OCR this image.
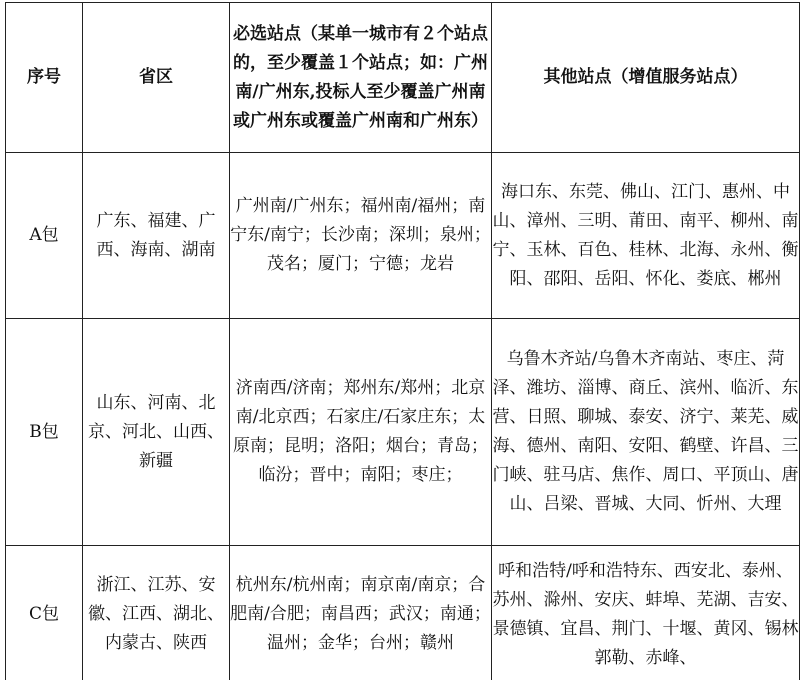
序号	省区	必选站点（某单一城市有２个站点的，至少覆盖１个站点；如：广州南/广州东,投标人至少覆盖广州南或广州东或覆盖广州南和广州东）	其他站点（增值服务站点）
A包	广东、福建、广西、海南、湖南	广州南/广州东；福州南/福州；南宁东/南宁；长沙南；深圳；泉州；茂名；厦门；宁德；龙岩	海口东、东莞、佛山、江门、惠州、中山、漳州、三明、莆田、南平、柳州、南宁、玉林、百色、桂林、北海、永州、衡阳、邵阳、岳阳、怀化、娄底、郴州
B包	山东、河南、北京、河北、山西、新疆	济南西/济南；郑州东/郑州；北京南/北京西；石家庄/石家庄东；太原南；昆明；洛阳；烟台；青岛；临汾；晋中；南阳；枣庄；	乌鲁木齐站/乌鲁木齐南站、枣庄、菏泽、潍坊、淄博、商丘、滨州、临沂、东营、日照、聊城、泰安、济宁、莱芜、威海、德州、南阳、安阳、鹤壁、许昌、三门峡、驻马店、焦作、周口、平顶山、唐山、吕梁、晋城、大同、忻州、大理
C包	浙江、江苏、安徽、江西、湖北、内蒙古、陕西	杭州东/杭州南；南京南/南京；合肥南/合肥；南昌西；武汉；南通；温州；金华；台州；赣州	呼和浩特/呼和浩特东、西安北、泰州、苏州、滁州、安庆、蚌埠、芜湖、吉安、景德镇、宜昌、荆门、十堰、黄冈、锡林郭勒、赤峰、
